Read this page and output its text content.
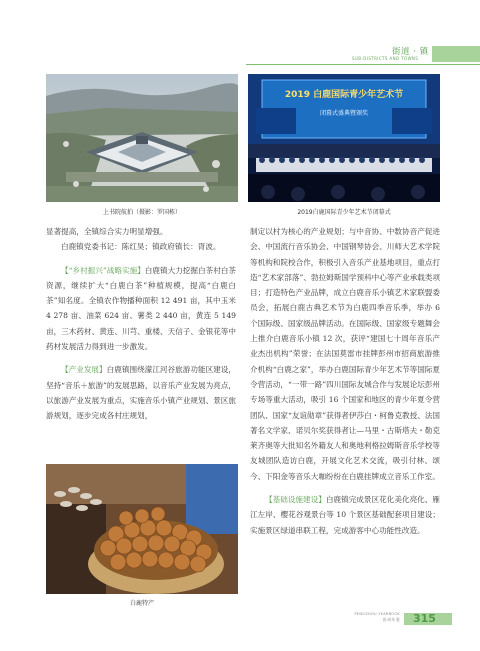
街道 · 镇
SUB-DISTRICTS AND TOWNS
上书院航拍（摄影：罗国栋）
2019 白鹿国际青少年艺术节
闭幕式盛典暨颁奖
2019白鹿国际青少年艺术节闭幕式

显著提高，全镇综合实力明显增强。

白鹿镇党委书记：陈红昊；镇政府镇长：胥波。

【“乡村振兴”战略实施】白鹿镇大力挖掘白茶村白茶资源，继续扩大“白鹿白茶”种植规模，提高“白鹿白茶”知名度。全镇农作物播种面积 12 491 亩，其中玉米 4 278 亩、油菜 624 亩、薯类 2 440 亩，黄连 5 149 亩，三木药材、黄连、川芎、重楼、天信子、金银花等中药材发展活力得到进一步激发。

【产业发展】白鹿镇围绕濛江河谷旅游功能区建设，坚持“音乐＋旅游”的发展思路，以音乐产业发展为亮点，以旅游产业发展为重点，实施音乐小镇产业规划、景区旅游规划，逐步完成各村庄规划，

白鹿特产

制定以村为核心的产业规划；与中音协、中数协音产促进会、中国流行音乐协会、中国钢琴协会、川师大艺术学院等机构和院校合作，积极引入音乐产业基地项目，重点打造“艺术家部落”、勃拉姆斯国学预科中心等产业承载类项目；打造特色产业品牌，成立白鹿音乐小镇艺术家联盟委员会，拓展白鹿古典艺术节为白鹿四季音乐季，举办 6 个国际级、国家级品牌活动。在国际级、国家级专题舞会上推介白鹿音乐小镇 12 次，获评“建国七十周年音乐产业杰出机构”荣誉；在法国莫雷市挂牌彭州市招商旅游推介机构“白鹿之家”，举办白鹿国际青少年艺术节等国际夏令营活动，“一带一路”四川国际友城合作与发展论坛彭州专场等重大活动，吸引 16 个国家和地区的青少年夏令营团队、国家“友谊勋章”获得者伊莎白・柯鲁克教授、法国著名文学家、诺贝尔奖获得者让—马里・古斯塔夫・勒克莱齐奥等大批知名外籍友人和奥地利格拉姆斯音乐学校等友城团队造访白鹿，开展文化艺术交流，吸引付林、颂今、下阳金等音乐大咖纷纷在白鹿挂牌成立音乐工作室。

【基础设施建设】白鹿镇完成景区花化美化亮化、雁江左岸、樱花谷观景台等 10 个景区基础配套项目建设；实施景区绿道串联工程，完成游客中心功能性改造。

PENGZHOU YEARBOOK
彭州年鉴 315
